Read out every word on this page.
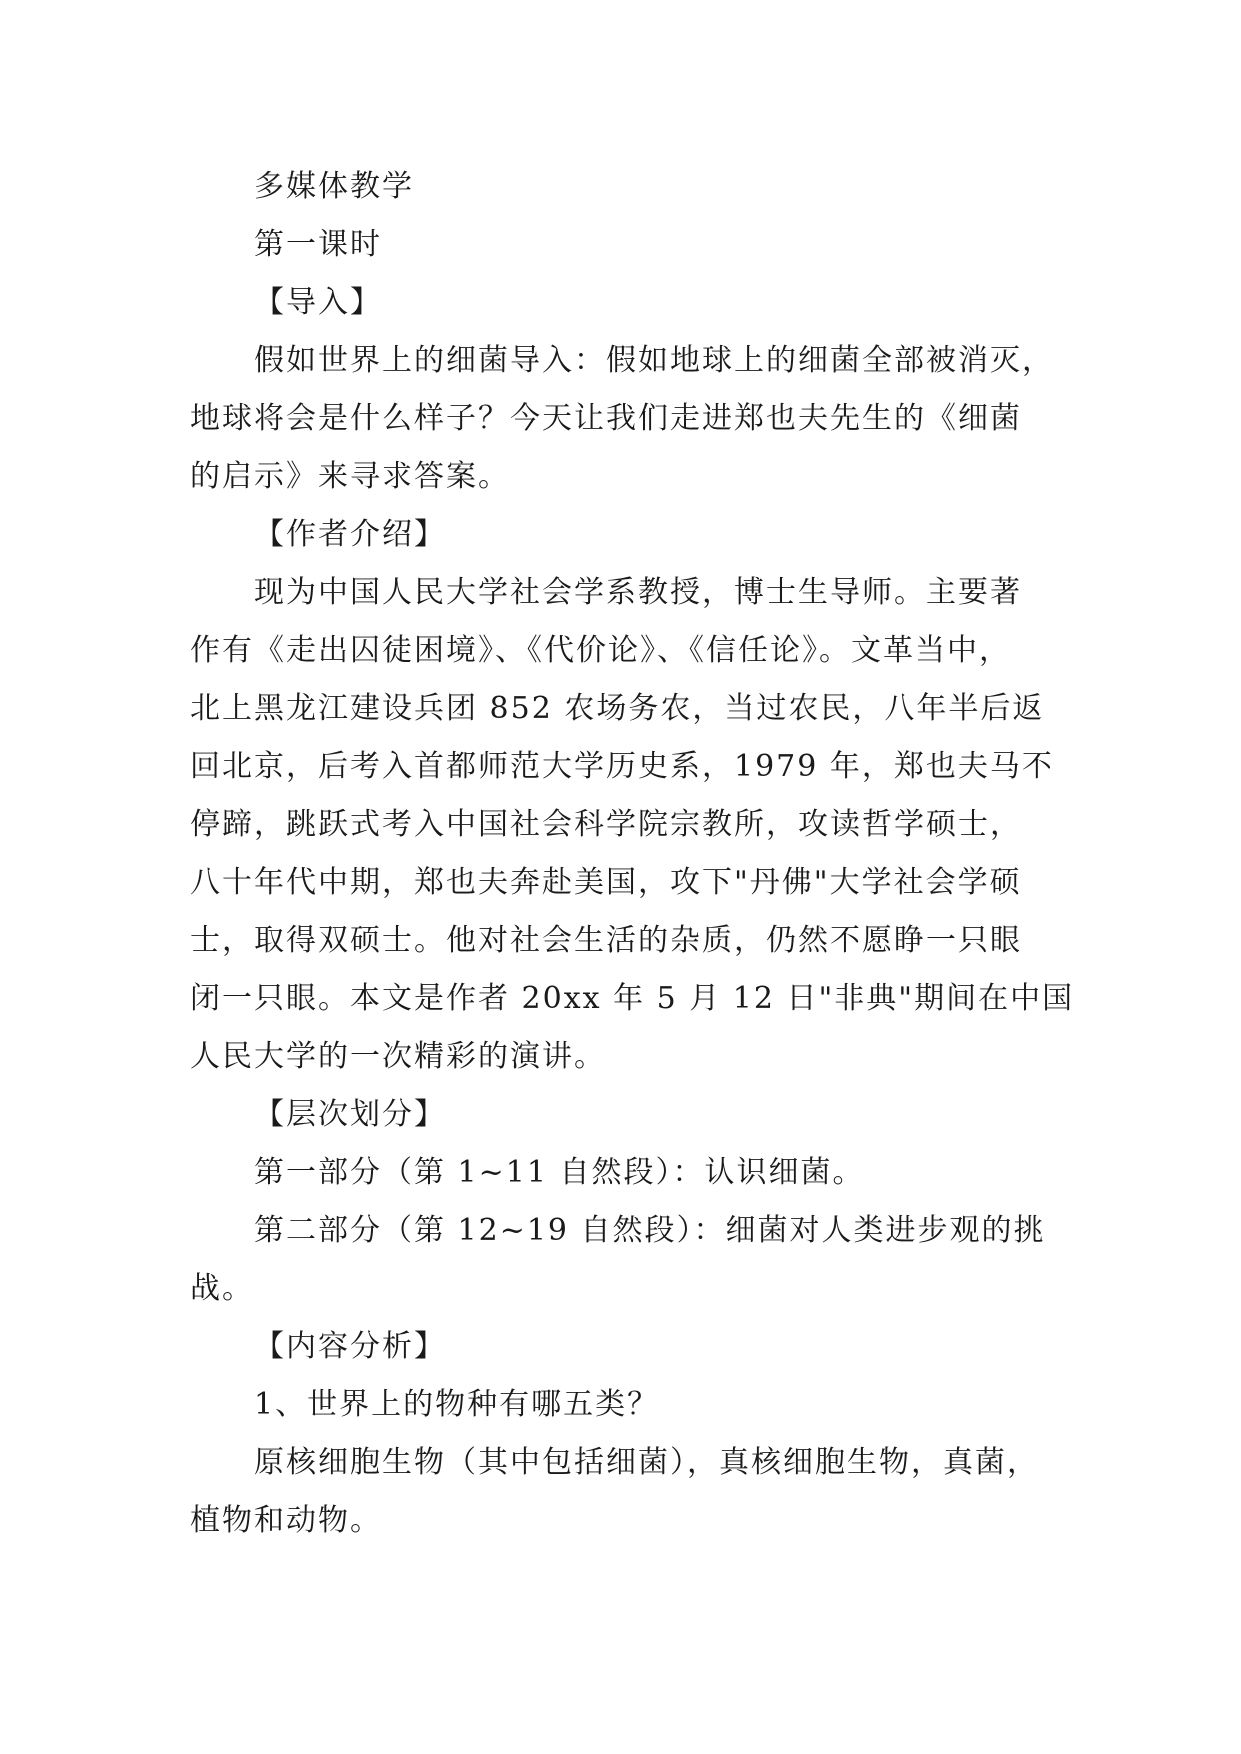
多媒体教学

第一课时

【导入】

假如世界上的细菌导入：假如地球上的细菌全部被消灭，

地球将会是什么样子？今天让我们走进郑也夫先生的《细菌

的启示》来寻求答案。

【作者介绍】

现为中国人民大学社会学系教授，博士生导师。主要著

作有《走出囚徒困境》、《代价论》、《信任论》。文革当中，

北上黑龙江建设兵团 852 农场务农，当过农民，八年半后返

回北京，后考入首都师范大学历史系，1979 年，郑也夫马不

停蹄，跳跃式考入中国社会科学院宗教所，攻读哲学硕士，

八十年代中期，郑也夫奔赴美国，攻下"丹佛"大学社会学硕

士，取得双硕士。他对社会生活的杂质，仍然不愿睁一只眼

闭一只眼。本文是作者 20xx 年 5 月 12 日"非典"期间在中国

人民大学的一次精彩的演讲。

【层次划分】

第一部分（第 1~11 自然段）：认识细菌。

第二部分（第 12~19 自然段）：细菌对人类进步观的挑

战。

【内容分析】

1、世界上的物种有哪五类？

原核细胞生物（其中包括细菌），真核细胞生物，真菌，

植物和动物。
